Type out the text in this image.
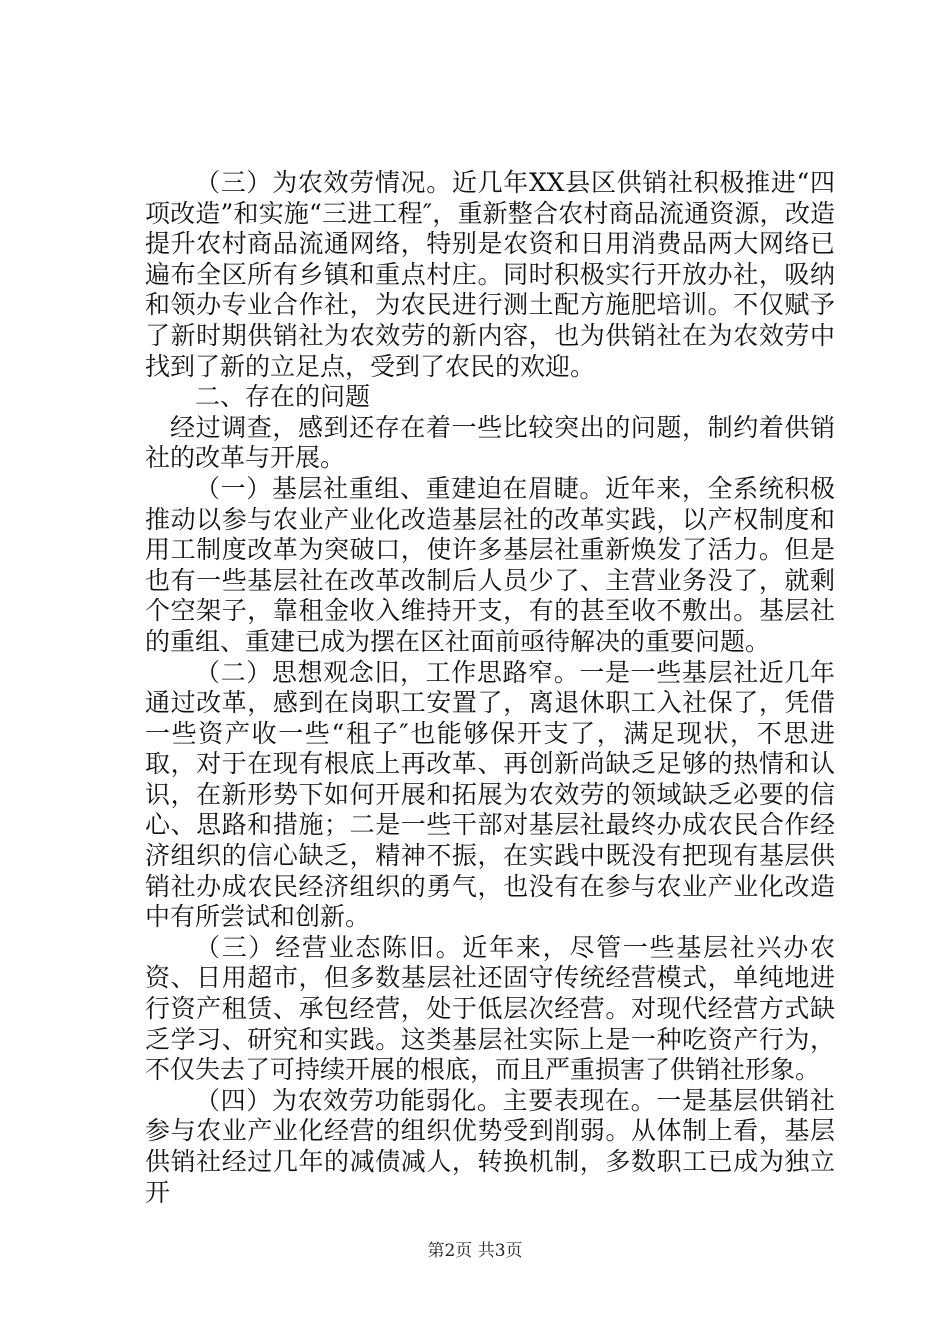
（三）为农效劳情况。近几年XX县区供销社积极推进“四项改造”和实施“三进工程″，重新整合农村商品流通资源，改造提升农村商品流通网络，特别是农资和日用消费品两大网络已遍布全区所有乡镇和重点村庄。同时积极实行开放办社，吸纳和领办专业合作社，为农民进行测土配方施肥培训。不仅赋予了新时期供销社为农效劳的新内容，也为供销社在为农效劳中找到了新的立足点，受到了农民的欢迎。

二、存在的问题

经过调查，感到还存在着一些比较突出的问题，制约着供销社的改革与开展。

（一）基层社重组、重建迫在眉睫。近年来，全系统积极推动以参与农业产业化改造基层社的改革实践，以产权制度和用工制度改革为突破口，使许多基层社重新焕发了活力。但是也有一些基层社在改革改制后人员少了、主营业务没了，就剩个空架子，靠租金收入维持开支，有的甚至收不敷出。基层社的重组、重建已成为摆在区社面前亟待解决的重要问题。

（二）思想观念旧，工作思路窄。一是一些基层社近几年通过改革，感到在岗职工安置了，离退休职工入社保了，凭借一些资产收一些“租子″也能够保开支了，满足现状，不思进取，对于在现有根底上再改革、再创新尚缺乏足够的热情和认识，在新形势下如何开展和拓展为农效劳的领域缺乏必要的信心、思路和措施；二是一些干部对基层社最终办成农民合作经济组织的信心缺乏，精神不振，在实践中既没有把现有基层供销社办成农民经济组织的勇气，也没有在参与农业产业化改造中有所尝试和创新。

（三）经营业态陈旧。近年来，尽管一些基层社兴办农资、日用超市，但多数基层社还固守传统经营模式，单纯地进行资产租赁、承包经营，处于低层次经营。对现代经营方式缺乏学习、研究和实践。这类基层社实际上是一种吃资产行为，不仅失去了可持续开展的根底，而且严重损害了供销社形象。

（四）为农效劳功能弱化。主要表现在。一是基层供销社参与农业产业化经营的组织优势受到削弱。从体制上看，基层供销社经过几年的减债减人，转换机制，多数职工已成为独立开

第2页 共3页
